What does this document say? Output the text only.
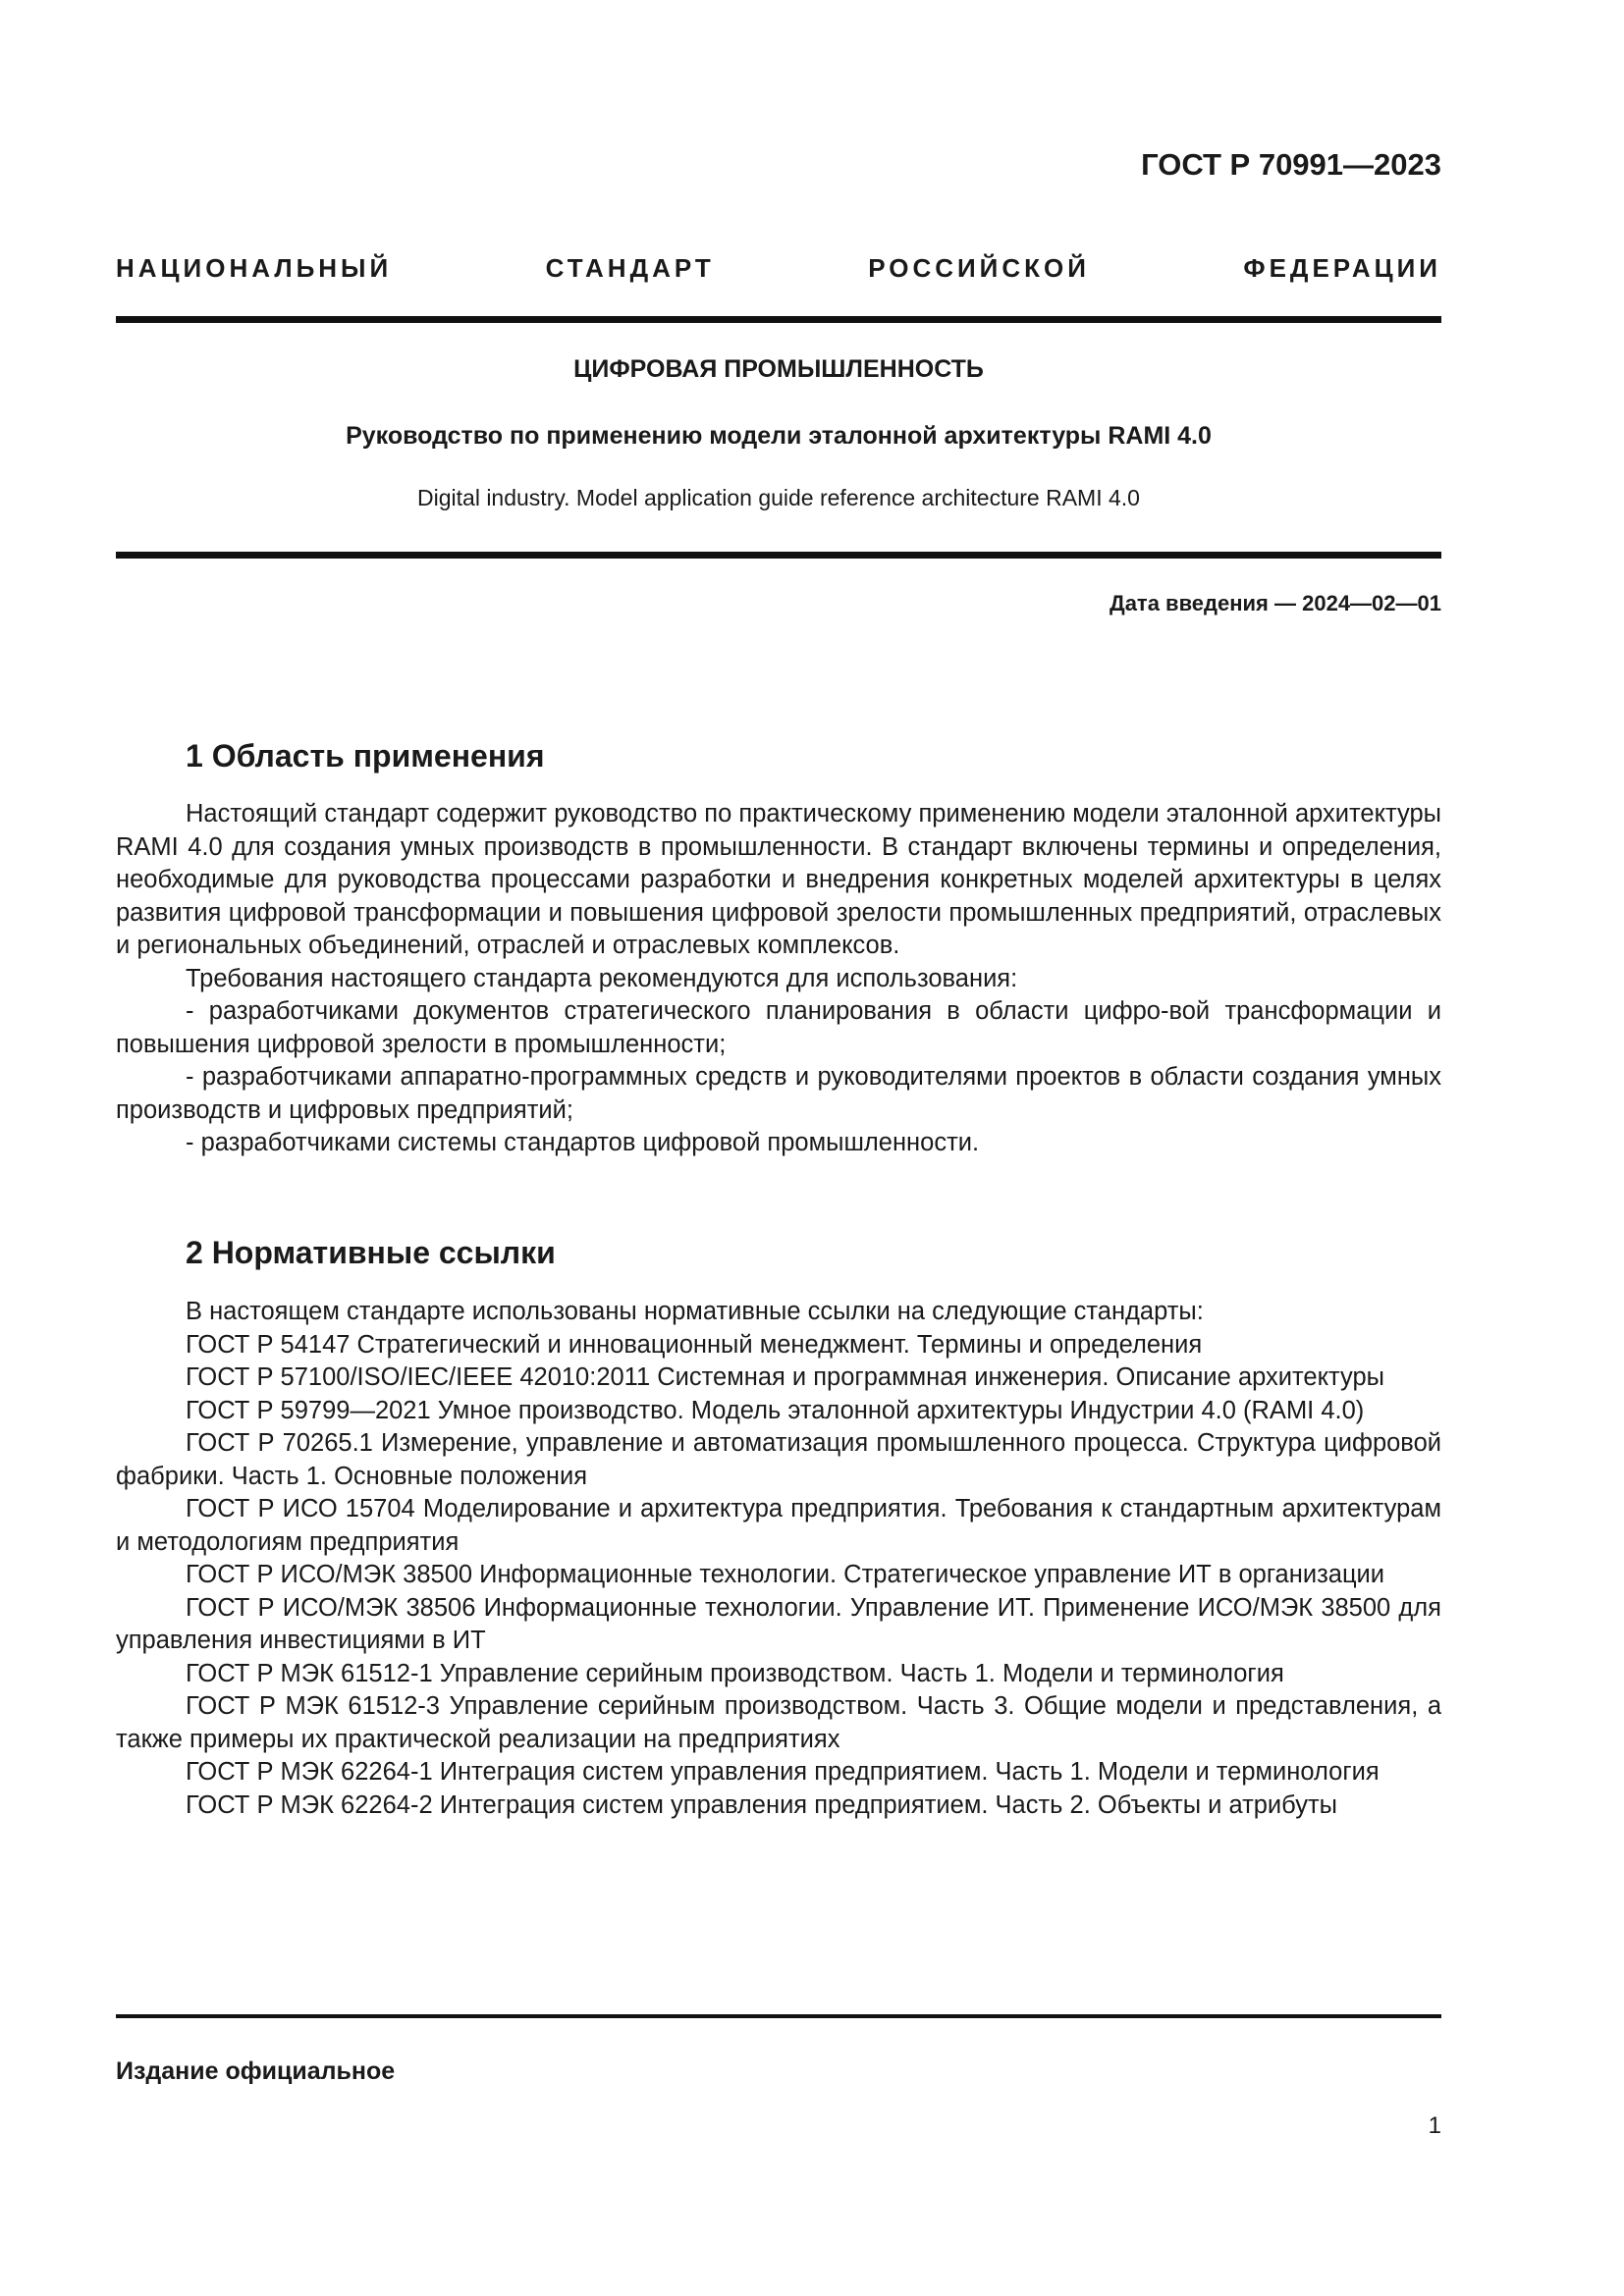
ГОСТ Р 70991—2023
НАЦИОНАЛЬНЫЙ СТАНДАРТ РОССИЙСКОЙ ФЕДЕРАЦИИ
ЦИФРОВАЯ ПРОМЫШЛЕННОСТЬ
Руководство по применению модели эталонной архитектуры RAMI 4.0
Digital industry. Model application guide reference architecture RAMI 4.0
Дата введения — 2024—02—01
1 Область применения

Настоящий стандарт содержит руководство по практическому применению модели эталонной архитектуры RAMI 4.0 для создания умных производств в промышленности. В стандарт включены термины и определения, необходимые для руководства процессами разработки и внедрения конкретных моделей архитектуры в целях развития цифровой трансформации и повышения цифровой зрелости промышленных предприятий, отраслевых и региональных объединений, отраслей и отраслевых комплексов.

Требования настоящего стандарта рекомендуются для использования:

- разработчиками документов стратегического планирования в области цифро-вой трансформации и повышения цифровой зрелости в промышленности;

- разработчиками аппаратно-программных средств и руководителями проектов в области создания умных производств и цифровых предприятий;

- разработчиками системы стандартов цифровой промышленности.

2 Нормативные ссылки

В настоящем стандарте использованы нормативные ссылки на следующие стандарты:

ГОСТ Р 54147 Стратегический и инновационный менеджмент. Термины и определения

ГОСТ Р 57100/ISO/IEC/IEEE 42010:2011 Системная и программная инженерия. Описание архитектуры

ГОСТ Р 59799—2021 Умное производство. Модель эталонной архитектуры Индустрии 4.0 (RAMI 4.0)

ГОСТ Р 70265.1 Измерение, управление и автоматизация промышленного процесса. Структура цифровой фабрики. Часть 1. Основные положения

ГОСТ Р ИСО 15704 Моделирование и архитектура предприятия. Требования к стандартным архитектурам и методологиям предприятия

ГОСТ Р ИСО/МЭК 38500 Информационные технологии. Стратегическое управление ИТ в организации

ГОСТ Р ИСО/МЭК 38506 Информационные технологии. Управление ИТ. Применение ИСО/МЭК 38500 для управления инвестициями в ИТ

ГОСТ Р МЭК 61512-1 Управление серийным производством. Часть 1. Модели и терминология

ГОСТ Р МЭК 61512-3 Управление серийным производством. Часть 3. Общие модели и представления, а также примеры их практической реализации на предприятиях

ГОСТ Р МЭК 62264-1 Интеграция систем управления предприятием. Часть 1. Модели и терминология

ГОСТ Р МЭК 62264-2 Интеграция систем управления предприятием. Часть 2. Объекты и атрибуты

Издание официальное
1
